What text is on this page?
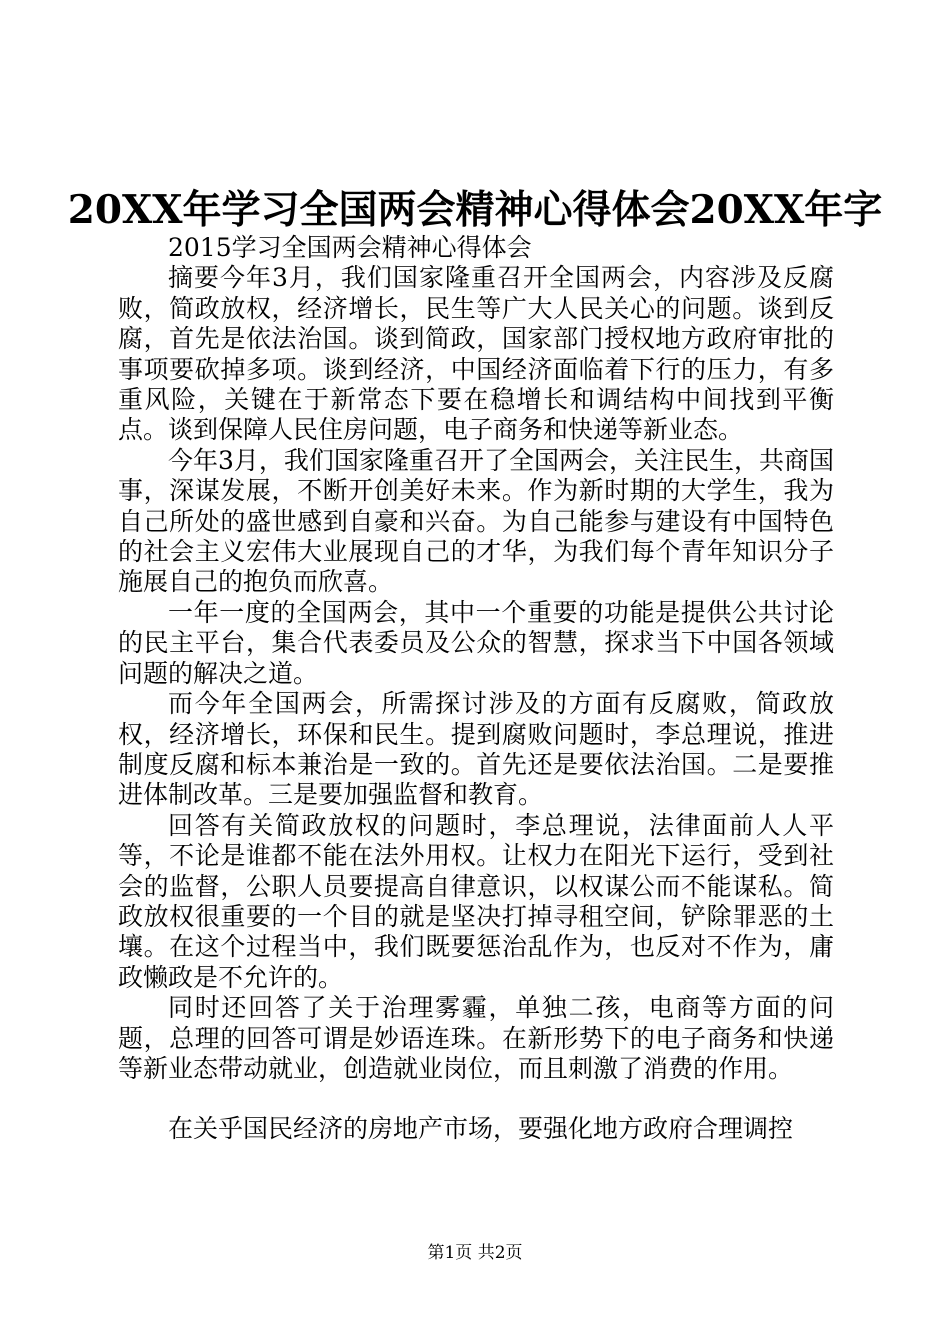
20XX年学习全国两会精神心得体会20XX年字

2015学习全国两会精神心得体会

摘要今年3月，我们国家隆重召开全国两会，内容涉及反腐败，简政放权，经济增长，民生等广大人民关心的问题。谈到反腐，首先是依法治国。谈到简政，国家部门授权地方政府审批的事项要砍掉多项。谈到经济，中国经济面临着下行的压力，有多重风险，关键在于新常态下要在稳增长和调结构中间找到平衡点。谈到保障人民住房问题，电子商务和快递等新业态。

今年3月，我们国家隆重召开了全国两会，关注民生，共商国事，深谋发展，不断开创美好未来。作为新时期的大学生，我为自己所处的盛世感到自豪和兴奋。为自己能参与建设有中国特色的社会主义宏伟大业展现自己的才华，为我们每个青年知识分子施展自己的抱负而欣喜。

一年一度的全国两会，其中一个重要的功能是提供公共讨论的民主平台，集合代表委员及公众的智慧，探求当下中国各领域问题的解决之道。

而今年全国两会，所需探讨涉及的方面有反腐败，简政放权，经济增长，环保和民生。提到腐败问题时，李总理说，推进制度反腐和标本兼治是一致的。首先还是要依法治国。二是要推进体制改革。三是要加强监督和教育。

回答有关简政放权的问题时，李总理说，法律面前人人平等，不论是谁都不能在法外用权。让权力在阳光下运行，受到社会的监督，公职人员要提高自律意识，以权谋公而不能谋私。简政放权很重要的一个目的就是坚决打掉寻租空间，铲除罪恶的土壤。在这个过程当中，我们既要惩治乱作为，也反对不作为，庸政懒政是不允许的。

同时还回答了关于治理雾霾，单独二孩，电商等方面的问题，总理的回答可谓是妙语连珠。在新形势下的电子商务和快递等新业态带动就业，创造就业岗位，而且刺激了消费的作用。

在关乎国民经济的房地产市场，要强化地方政府合理调控

第1页 共2页
